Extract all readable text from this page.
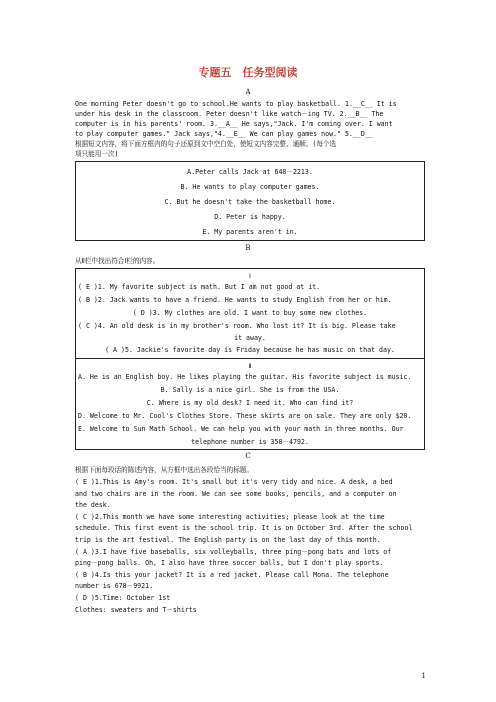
专题五　任务型阅读
A

One morning Peter doesn't go to school.He wants to play basketball. 1.__C__ It is

under his desk in the classroom. Peter doesn't like watch－ing TV. 2.__B__ The

computer is in his parents' room. 3.__A__ He says,"Jack. I'm coming over. I want

to play computer games." Jack says,"4.__E__ We can play games now." 5.__D__

根据短文内容，将下面方框内的句子还原到文中空白处，使短文内容完整、通顺。(每个选

项只能用一次)

A.Peter calls Jack at 648－2213.
B. He wants to play computer games.
C. But he doesn't take the basketball home.
D. Peter is happy.
E. My parents aren't in.
B
从Ⅱ栏中找出符合Ⅰ栏的内容。
Ⅰ
( E )1. My favorite subject is math. But I am not good at it.
( B )2. Jack wants to have a friend. He wants to study English from her or him.
( D )3. My clothes are old. I want to buy some new clothes.
( C )4. An old desk is in my brother's room. Who lost it? It is big. Please take
it away.
( A )5. Jackie's favorite day is Friday because he has music on that day.
Ⅱ
A. He is an English boy. He likes playing the guitar. His favorite subject is music.
B. Sally is a nice girl. She is from the USA.
C. Where is my old desk? I need it. Who can find it?
D. Welcome to Mr. Cool's Clothes Store. These skirts are on sale. They are only $20.
E. Welcome to Sun Math School. We can help you with your math in three months. Our
telephone number is 358－4792.
C
根据下面每段话的陈述内容，从方框中选出各段恰当的标题。

( E )1.This is Amy's room. It's small but it's very tidy and nice. A desk, a bed

and two chairs are in the room. We can see some books, pencils, and a computer on

the desk.

( C )2.This month we have some interesting activities; please look at the time

schedule. This first event is the school trip. It is on October 3rd. After the school

trip is the art festival. The English party is on the last day of this month.

( A )3.I have five baseballs, six volleyballs, three ping－pong bats and lots of

ping－pong balls. Oh, I also have three soccer balls, but I don't play sports.

( B )4.Is this your jacket? It is a red jacket. Please call Mona. The telephone

number is 678－9921.

( D )5.Time: October 1st

Clothes: sweaters and T－shirts

1
